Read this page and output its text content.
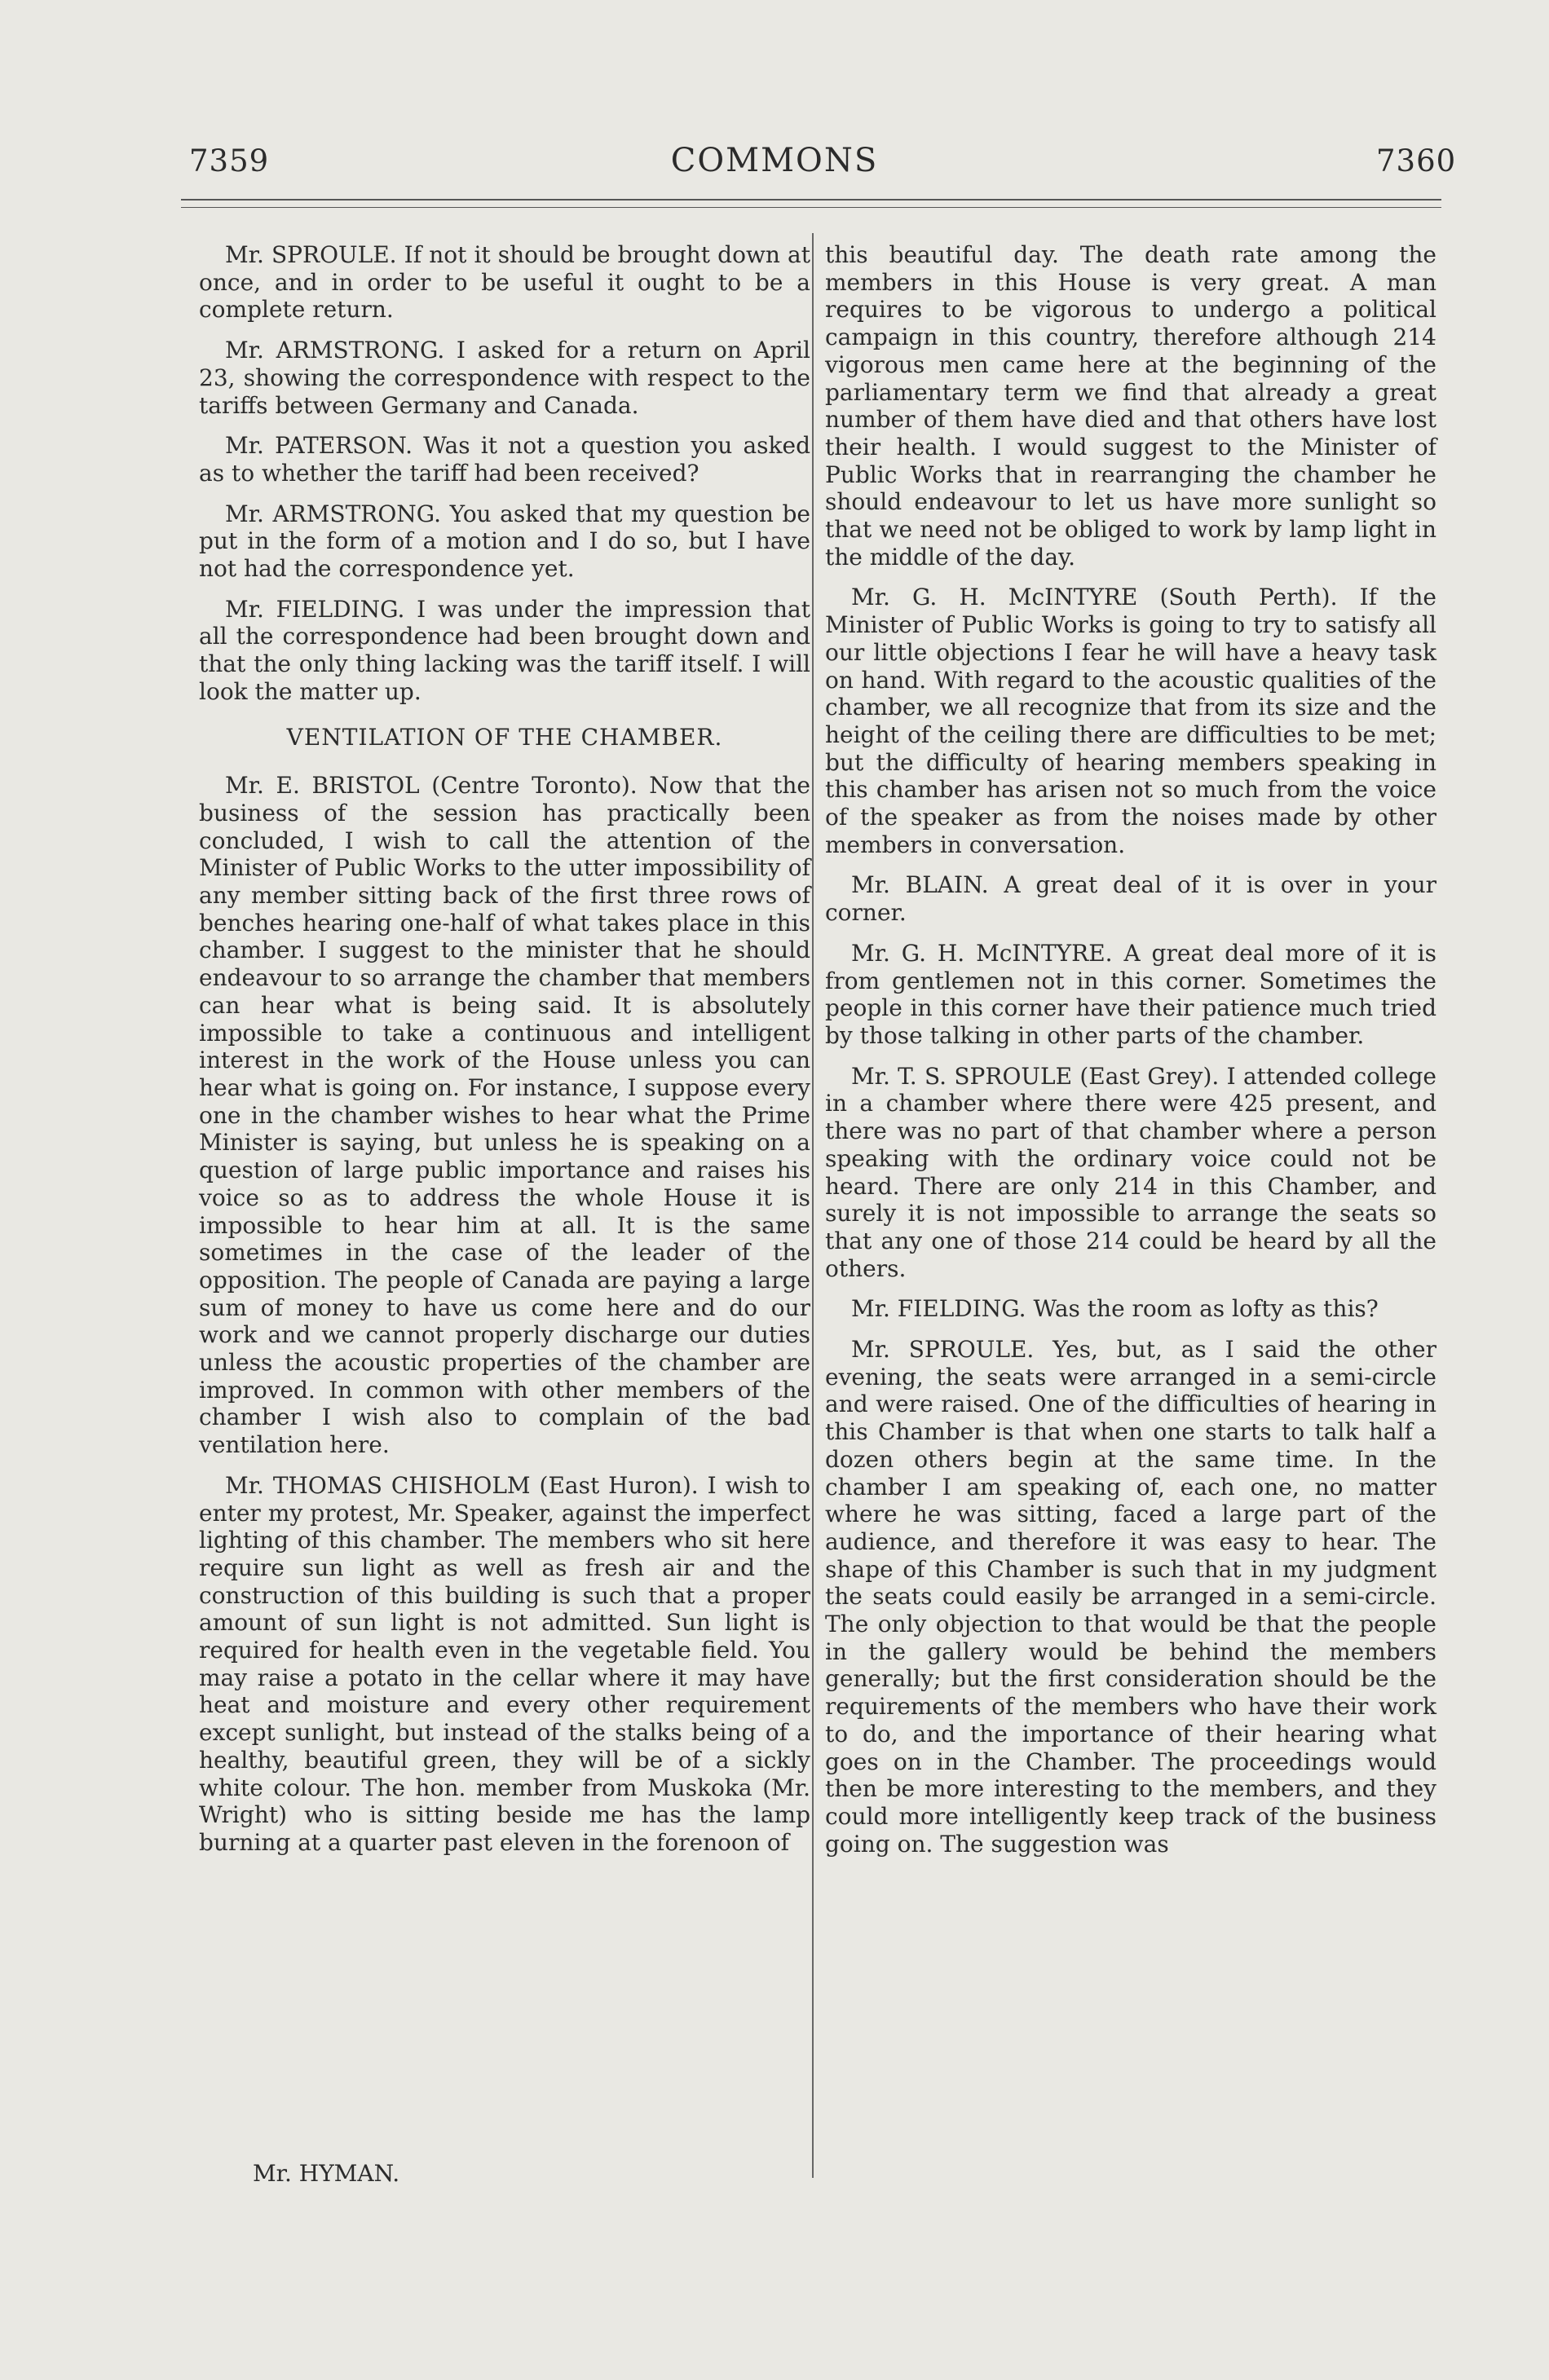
7359	COMMONS	7360

Mr. SPROULE. If not it should be brought down at once, and in order to be useful it ought to be a complete return.

Mr. ARMSTRONG. I asked for a return on April 23, showing the correspondence with respect to the tariffs between Germany and Canada.

Mr. PATERSON. Was it not a question you asked as to whether the tariff had been received?

Mr. ARMSTRONG. You asked that my question be put in the form of a motion and I do so, but I have not had the correspondence yet.

Mr. FIELDING. I was under the impression that all the correspondence had been brought down and that the only thing lacking was the tariff itself. I will look the matter up.

VENTILATION OF THE CHAMBER.

Mr. E. BRISTOL (Centre Toronto). Now that the business of the session has practically been concluded, I wish to call the attention of the Minister of Public Works to the utter impossibility of any member sitting back of the first three rows of benches hearing one-half of what takes place in this chamber. I suggest to the minister that he should endeavour to so arrange the chamber that members can hear what is being said. It is absolutely impossible to take a continuous and intelligent interest in the work of the House unless you can hear what is going on. For instance, I suppose every one in the chamber wishes to hear what the Prime Minister is saying, but unless he is speaking on a question of large public importance and raises his voice so as to address the whole House it is impossible to hear him at all. It is the same sometimes in the case of the leader of the opposition. The people of Canada are paying a large sum of money to have us come here and do our work and we cannot properly discharge our duties unless the acoustic properties of the chamber are improved. In common with other members of the chamber I wish also to complain of the bad ventilation here.

Mr. THOMAS CHISHOLM (East Huron). I wish to enter my protest, Mr. Speaker, against the imperfect lighting of this chamber. The members who sit here require sun light as well as fresh air and the construction of this building is such that a proper amount of sun light is not admitted. Sun light is required for health even in the vegetable field. You may raise a potato in the cellar where it may have heat and moisture and every other requirement except sunlight, but instead of the stalks being of a healthy, beautiful green, they will be of a sickly white colour. The hon. member from Muskoka (Mr. Wright) who is sitting beside me has the lamp burning at a quarter past eleven in the forenoon of

this beautiful day. The death rate among the members in this House is very great. A man requires to be vigorous to undergo a political campaign in this country, therefore although 214 vigorous men came here at the beginning of the parliamentary term we find that already a great number of them have died and that others have lost their health. I would suggest to the Minister of Public Works that in rearranging the chamber he should endeavour to let us have more sunlight so that we need not be obliged to work by lamp light in the middle of the day.

Mr. G. H. McINTYRE (South Perth). If the Minister of Public Works is going to try to satisfy all our little objections I fear he will have a heavy task on hand. With regard to the acoustic qualities of the chamber, we all recognize that from its size and the height of the ceiling there are difficulties to be met; but the difficulty of hearing members speaking in this chamber has arisen not so much from the voice of the speaker as from the noises made by other members in conversation.

Mr. BLAIN. A great deal of it is over in your corner.

Mr. G. H. McINTYRE. A great deal more of it is from gentlemen not in this corner. Sometimes the people in this corner have their patience much tried by those talking in other parts of the chamber.

Mr. T. S. SPROULE (East Grey). I attended college in a chamber where there were 425 present, and there was no part of that chamber where a person speaking with the ordinary voice could not be heard. There are only 214 in this Chamber, and surely it is not impossible to arrange the seats so that any one of those 214 could be heard by all the others.

Mr. FIELDING. Was the room as lofty as this?

Mr. SPROULE. Yes, but, as I said the other evening, the seats were arranged in a semi-circle and were raised. One of the difficulties of hearing in this Chamber is that when one starts to talk half a dozen others begin at the same time. In the chamber I am speaking of, each one, no matter where he was sitting, faced a large part of the audience, and therefore it was easy to hear. The shape of this Chamber is such that in my judgment the seats could easily be arranged in a semi-circle. The only objection to that would be that the people in the gallery would be behind the members generally; but the first consideration should be the requirements of the members who have their work to do, and the importance of their hearing what goes on in the Chamber. The proceedings would then be more interesting to the members, and they could more intelligently keep track of the business going on. The suggestion was

Mr. HYMAN.
